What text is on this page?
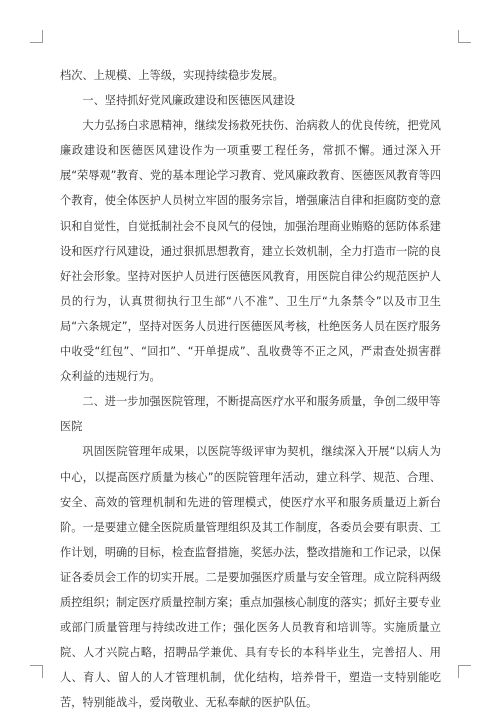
档次、上规模、上等级，实现持续稳步发展。

一、坚持抓好党风廉政建设和医德医风建设

大力弘扬白求恩精神，继续发扬救死扶伤、治病救人的优良传统，把党风廉政建设和医德医风建设作为一项重要工程任务，常抓不懈。通过深入开展“荣辱观”教育、党的基本理论学习教育、党风廉政教育、医德医风教育等四个教育，使全体医护人员树立牢固的服务宗旨，增强廉洁自律和拒腐防变的意识和自觉性，自觉抵制社会不良风气的侵蚀，加强治理商业贿赂的惩防体系建设和医疗行风建设，通过狠抓思想教育，建立长效机制，全力打造市一院的良好社会形象。坚持对医护人员进行医德医风教育，用医院自律公约规范医护人员的行为，认真贯彻执行卫生部“八不准”、卫生厅“九条禁令”以及市卫生局“六条规定”，坚持对医务人员进行医德医风考核，杜绝医务人员在医疗服务中收受“红包”、“回扣”、“开单提成”、乱收费等不正之风，严肃查处损害群众利益的违规行为。

二、进一步加强医院管理，不断提高医疗水平和服务质量，争创二级甲等医院

巩固医院管理年成果，以医院等级评审为契机，继续深入开展“以病人为中心，以提高医疗质量为核心”的医院管理年活动，建立科学、规范、合理、安全、高效的管理机制和先进的管理模式，使医疗水平和服务质量迈上新台阶。一是要建立健全医院质量管理组织及其工作制度，各委员会要有职责、工作计划，明确的目标，检查监督措施，奖惩办法，整改措施和工作记录，以保证各委员会工作的切实开展。二是要加强医疗质量与安全管理。成立院科两级质控组织；制定医疗质量控制方案；重点加强核心制度的落实；抓好主要专业或部门质量管理与持续改进工作；强化医务人员教育和培训等。实施质量立院、人才兴院占略，招聘品学兼优、具有专长的本科毕业生，完善招人、用人、育人、留人的人才管理机制，优化结构，培养骨干，塑造一支特别能吃苦，特别能战斗，爱岗敬业、无私奉献的医护队伍。
